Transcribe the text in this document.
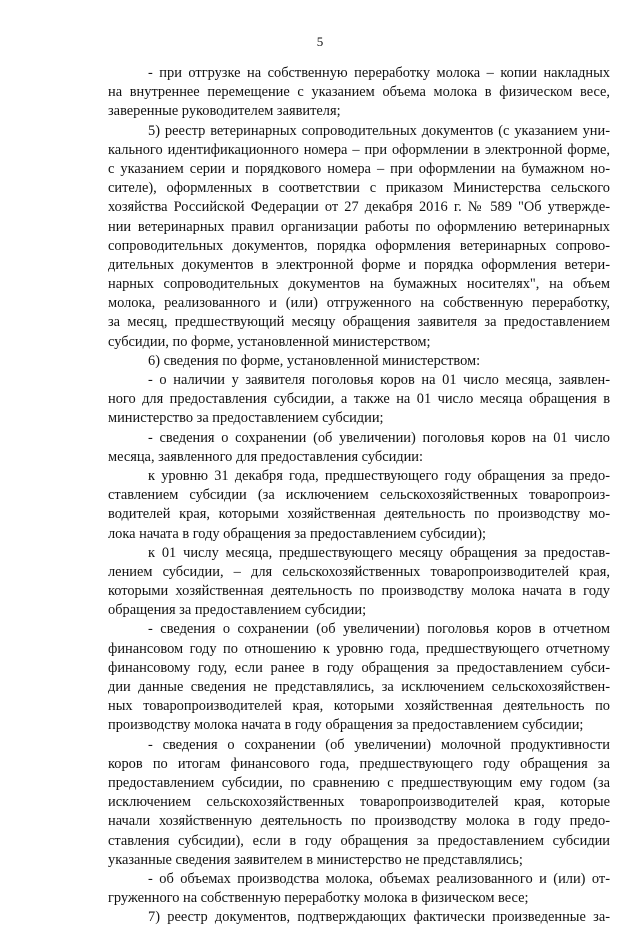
5
- при отгрузке на собственную переработку молока – копии накладных
на внутреннее перемещение с указанием объема молока в физическом весе,
заверенные руководителем заявителя;
5) реестр ветеринарных сопроводительных документов (с указанием уни-
кального идентификационного номера – при оформлении в электронной форме,
с указанием серии и порядкового номера – при оформлении на бумажном но-
сителе), оформленных в соответствии с приказом Министерства сельского
хозяйства Российской Федерации от 27 декабря 2016 г. № 589 "Об утвержде-
нии ветеринарных правил организации работы по оформлению ветеринарных
сопроводительных документов, порядка оформления ветеринарных сопрово-
дительных документов в электронной форме и порядка оформления ветери-
нарных сопроводительных документов на бумажных носителях", на объем
молока, реализованного и (или) отгруженного на собственную переработку,
за месяц, предшествующий месяцу обращения заявителя за предоставлением
субсидии, по форме, установленной министерством;
6) сведения по форме, установленной министерством:
- о наличии у заявителя поголовья коров на 01 число месяца, заявлен-
ного для предоставления субсидии, а также на 01 число месяца обращения в
министерство за предоставлением субсидии;
- сведения о сохранении (об увеличении) поголовья коров на 01 число
месяца, заявленного для предоставления субсидии:
к уровню 31 декабря года, предшествующего году обращения за предо-
ставлением субсидии (за исключением сельскохозяйственных товаропроиз-
водителей края, которыми хозяйственная деятельность по производству мо-
лока начата в году обращения за предоставлением субсидии);
к 01 числу месяца, предшествующего месяцу обращения за предостав-
лением субсидии, – для сельскохозяйственных товаропроизводителей края,
которыми хозяйственная деятельность по производству молока начата в году
обращения за предоставлением субсидии;
- сведения о сохранении (об увеличении) поголовья коров в отчетном
финансовом году по отношению к уровню года, предшествующего отчетному
финансовому году, если ранее в году обращения за предоставлением субси-
дии данные сведения не представлялись, за исключением сельскохозяйствен-
ных товаропроизводителей края, которыми хозяйственная деятельность по
производству молока начата в году обращения за предоставлением субсидии;
- сведения о сохранении (об увеличении) молочной продуктивности
коров по итогам финансового года, предшествующего году обращения за
предоставлением субсидии, по сравнению с предшествующим ему годом (за
исключением сельскохозяйственных товаропроизводителей края, которые
начали хозяйственную деятельность по производству молока в году предо-
ставления субсидии), если в году обращения за предоставлением субсидии
указанные сведения заявителем в министерство не представлялись;
- об объемах производства молока, объемах реализованного и (или) от-
груженного на собственную переработку молока в физическом весе;
7) реестр документов, подтверждающих фактически произведенные за-
